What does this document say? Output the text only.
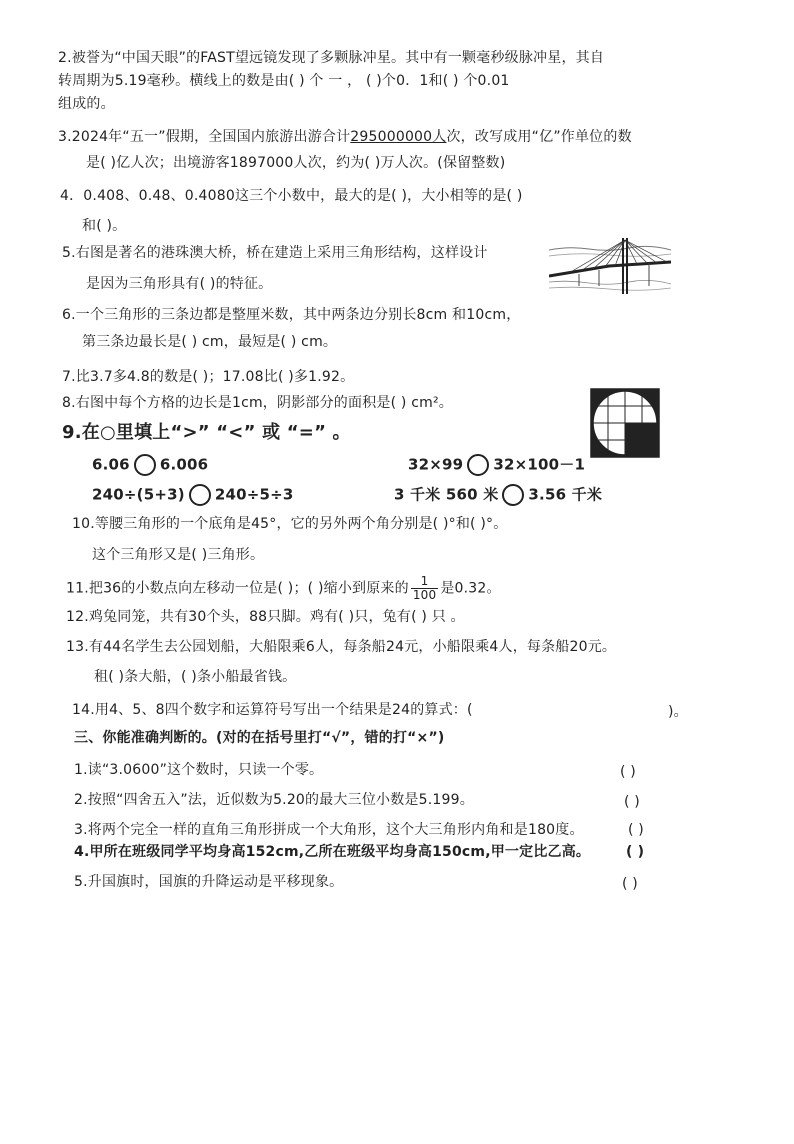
2.被誉为“中国天眼”的FAST望远镜发现了多颗脉冲星。其中有一颗毫秒级脉冲星，其自
转周期为5.19毫秒。横线上的数是由( ) 个 一 ， ( )个0．1和( ) 个0.01
组成的。
3.2024年“五一”假期，全国国内旅游出游合计295000000人次，改写成用“亿”作单位的数
是( )亿人次；出境游客1897000人次，约为( )万人次。(保留整数)
4．0.408、0.48、0.4080这三个小数中，最大的是( )，大小相等的是( )
和( )。
5.右图是著名的港珠澳大桥，桥在建造上采用三角形结构，这样设计
是因为三角形具有( )的特征。
6.一个三角形的三条边都是整厘米数，其中两条边分别长8cm 和10cm，
第三条边最长是( ) cm，最短是( ) cm。
7.比3.7多4.8的数是( )；17.08比( )多1.92。
8.右图中每个方格的边长是1cm，阴影部分的面积是( ) cm²。
9.在○里填上“>” “<” 或 “=” 。
6.06 6.006	32×99 32×100－1
240÷(5+3) 240÷5÷3	3 千米 560 米 3.56 千米
10.等腰三角形的一个底角是45°，它的另外两个角分别是( )°和( )°。
这个三角形又是( )三角形。
11.把36的小数点向左移动一位是( )；( )缩小到原来的 $\frac{1}{100}$ 是0.32。
12.鸡兔同笼，共有30个头，88只脚。鸡有( )只，兔有( ) 只 。
13.有44名学生去公园划船，大船限乘6人，每条船24元，小船限乘4人，每条船20元。
租( )条大船，( )条小船最省钱。
14.用4、5、8四个数字和运算符号写出一个结果是24的算式：(	)。
三、你能准确判断的。(对的在括号里打“√”，错的打“×”)
1.读“3.0600”这个数时，只读一个零。	( )
2.按照“四舍五入”法，近似数为5.20的最大三位小数是5.199。	( )
3.将两个完全一样的直角三角形拼成一个大角形，这个大三角形内角和是180度。	( )
4.甲所在班级同学平均身高152cm,乙所在班级平均身高150cm,甲一定比乙高。	( )
5.升国旗时，国旗的升降运动是平移现象。	( )
